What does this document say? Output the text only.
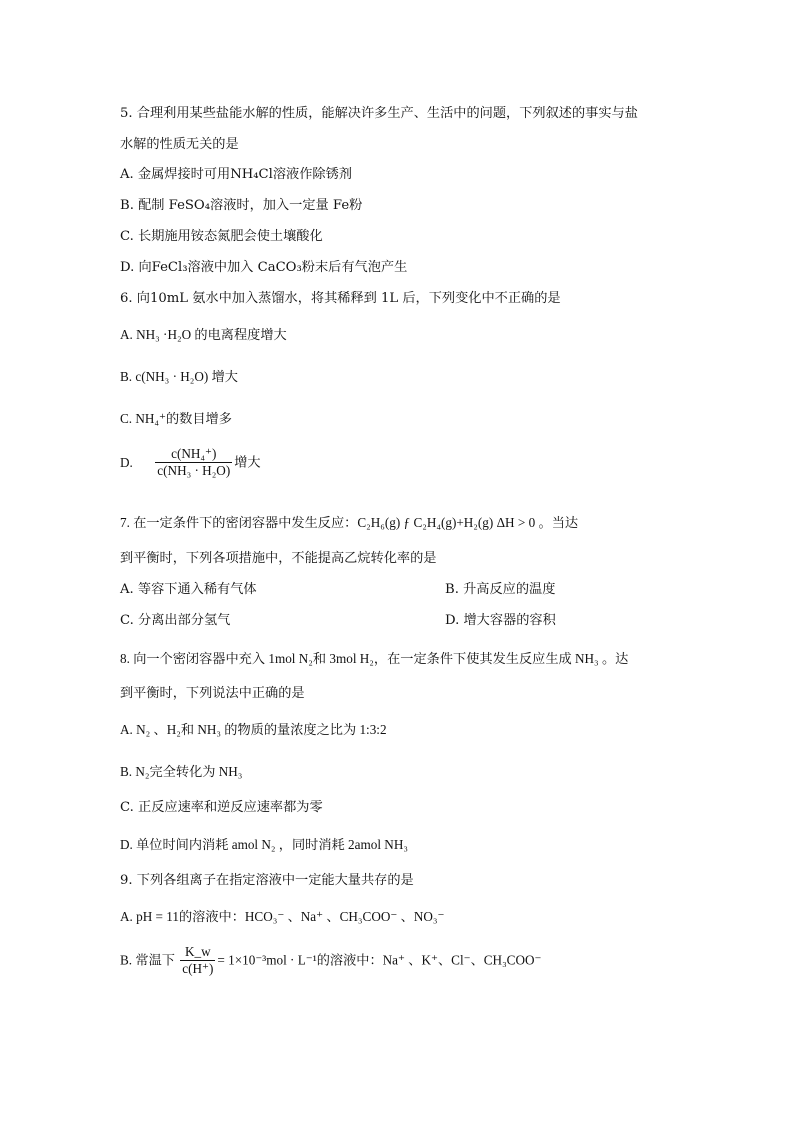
5. 合理利用某些盐能水解的性质，能解决许多生产、生活中的问题，下列叙述的事实与盐
水解的性质无关的是
A. 金属焊接时可用NH₄Cl溶液作除锈剂
B. 配制 FeSO₄溶液时，加入一定量 Fe粉
C. 长期施用铵态氮肥会使土壤酸化
D. 向FeCl₃溶液中加入 CaCO₃粉末后有气泡产生
6. 向10mL 氨水中加入蒸馏水，将其稀释到 1L 后，下列变化中不正确的是
A. NH₃ ·H₂O 的电离程度增大
B. c(NH₃ · H₂O) 增大
C. NH₄⁺的数目增多
D. $\frac{\text{c(NH₄⁺)}}{\text{c(NH₃ · H₂O)}}$ 增大
7. 在一定条件下的密闭容器中发生反应：C₂H₆(g) ƒ C₂H₄(g)+H₂(g) ΔH > 0 。当达
到平衡时，下列各项措施中，不能提高乙烷转化率的是
A. 等容下通入稀有气体	B. 升高反应的温度
C. 分离出部分氢气	D. 增大容器的容积
8. 向一个密闭容器中充入 1mol N₂和 3mol H₂，在一定条件下使其发生反应生成 NH₃ 。达
到平衡时，下列说法中正确的是
A. N₂ 、H₂和 NH₃ 的物质的量浓度之比为 1:3:2
B. N₂完全转化为 NH₃
C. 正反应速率和逆反应速率都为零
D. 单位时间内消耗 amol N₂ ，同时消耗 2amol NH₃
9. 下列各组离子在指定溶液中一定能大量共存的是
A. pH = 11的溶液中：HCO₃⁻ 、Na⁺ 、CH₃COO⁻ 、NO₃⁻
B. 常温下 $\frac{K\_w}{c(H^+)} = 1\times 10^{-3}mol \cdot L^{-1}$的溶液中：Na⁺ 、K⁺、Cl⁻、CH₃COO⁻
